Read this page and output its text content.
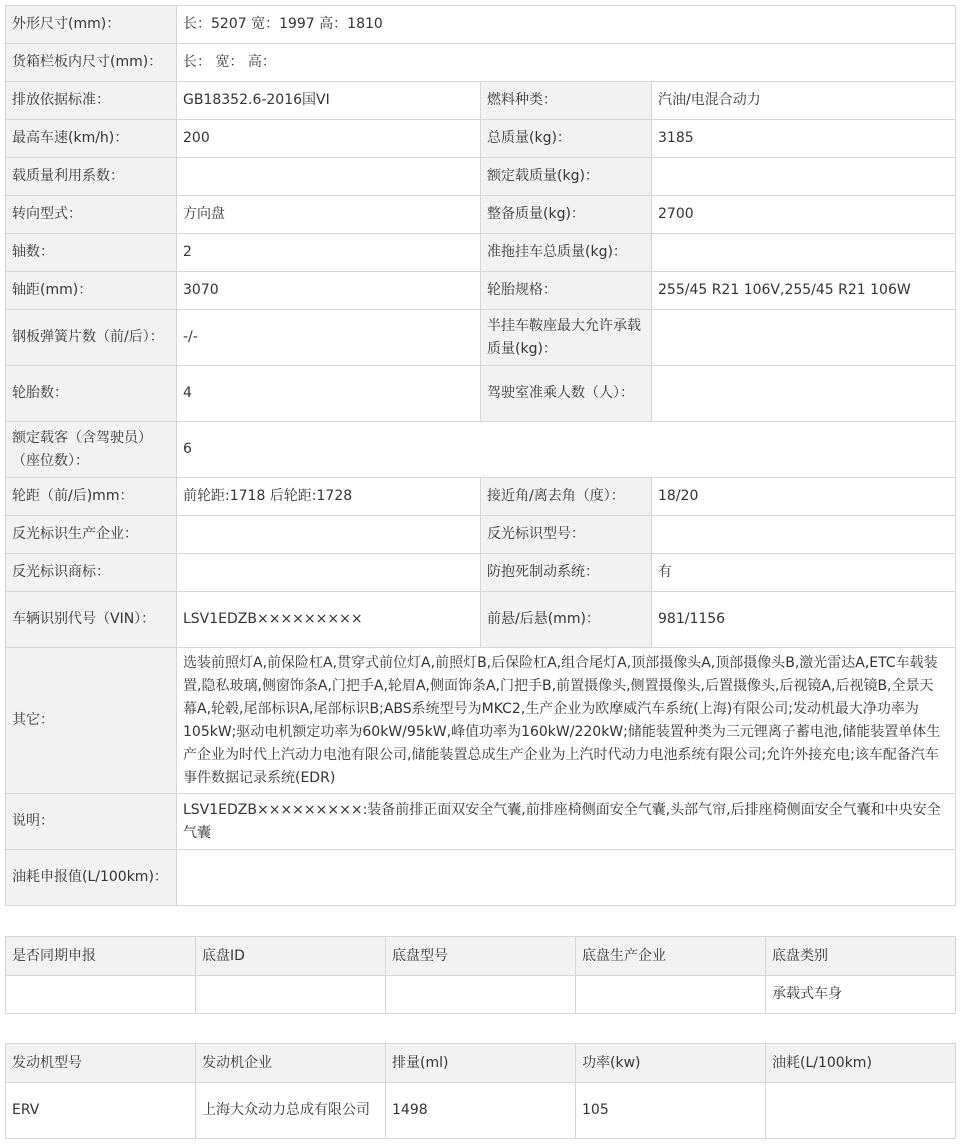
外形尺寸(mm)：	长：5207 宽：1997 高：1810		
货箱栏板内尺寸(mm)：	长： 宽： 高：		
排放依据标准：	GB18352.6-2016国VI	燃料种类：	汽油/电混合动力
最高车速(km/h)：	200	总质量(kg)：	3185
载质量利用系数：		额定载质量(kg)：	
转向型式：	方向盘	整备质量(kg)：	2700
轴数：	2	准拖挂车总质量(kg)：	
轴距(mm)：	3070	轮胎规格：	255/45 R21 106V,255/45 R21 106W
钢板弹簧片数（前/后）：	-/-	半挂车鞍座最大允许承载质量(kg)：	
轮胎数：	4	驾驶室准乘人数（人）：	
额定载客（含驾驶员）（座位数）：	6		
轮距（前/后)mm：	前轮距:1718 后轮距:1728	接近角/离去角（度）：	18/20
反光标识生产企业：		反光标识型号：	
反光标识商标：		防抱死制动系统：	有
车辆识别代号（VIN）：	LSV1EDZB×××××××××	前悬/后悬(mm)：	981/1156
其它：	选装前照灯A,前保险杠A,贯穿式前位灯A,前照灯B,后保险杠A,组合尾灯A,顶部摄像头A,顶部摄像头B,激光雷达A,ETC车载装置,隐私玻璃,侧窗饰条A,门把手A,轮眉A,侧面饰条A,门把手B,前置摄像头,侧置摄像头,后置摄像头,后视镜A,后视镜B,全景天幕A,轮毂,尾部标识A,尾部标识B;ABS系统型号为MKC2,生产企业为欧摩威汽车系统(上海)有限公司;发动机最大净功率为105kW;驱动电机额定功率为60kW/95kW,峰值功率为160kW/220kW;储能装置种类为三元锂离子蓄电池,储能装置单体生产企业为时代上汽动力电池有限公司,储能装置总成生产企业为上汽时代动力电池系统有限公司;允许外接充电;该车配备汽车事件数据记录系统(EDR)		
说明：	LSV1EDZB×××××××××:装备前排正面双安全气囊,前排座椅侧面安全气囊,头部气帘,后排座椅侧面安全气囊和中央安全气囊		
油耗申报值(L/100km)：			
是否同期申报	底盘ID	底盘型号	底盘生产企业	底盘类别
				承载式车身
发动机型号	发动机企业	排量(ml)	功率(kw)	油耗(L/100km)
ERV	上海大众动力总成有限公司	1498	105	
